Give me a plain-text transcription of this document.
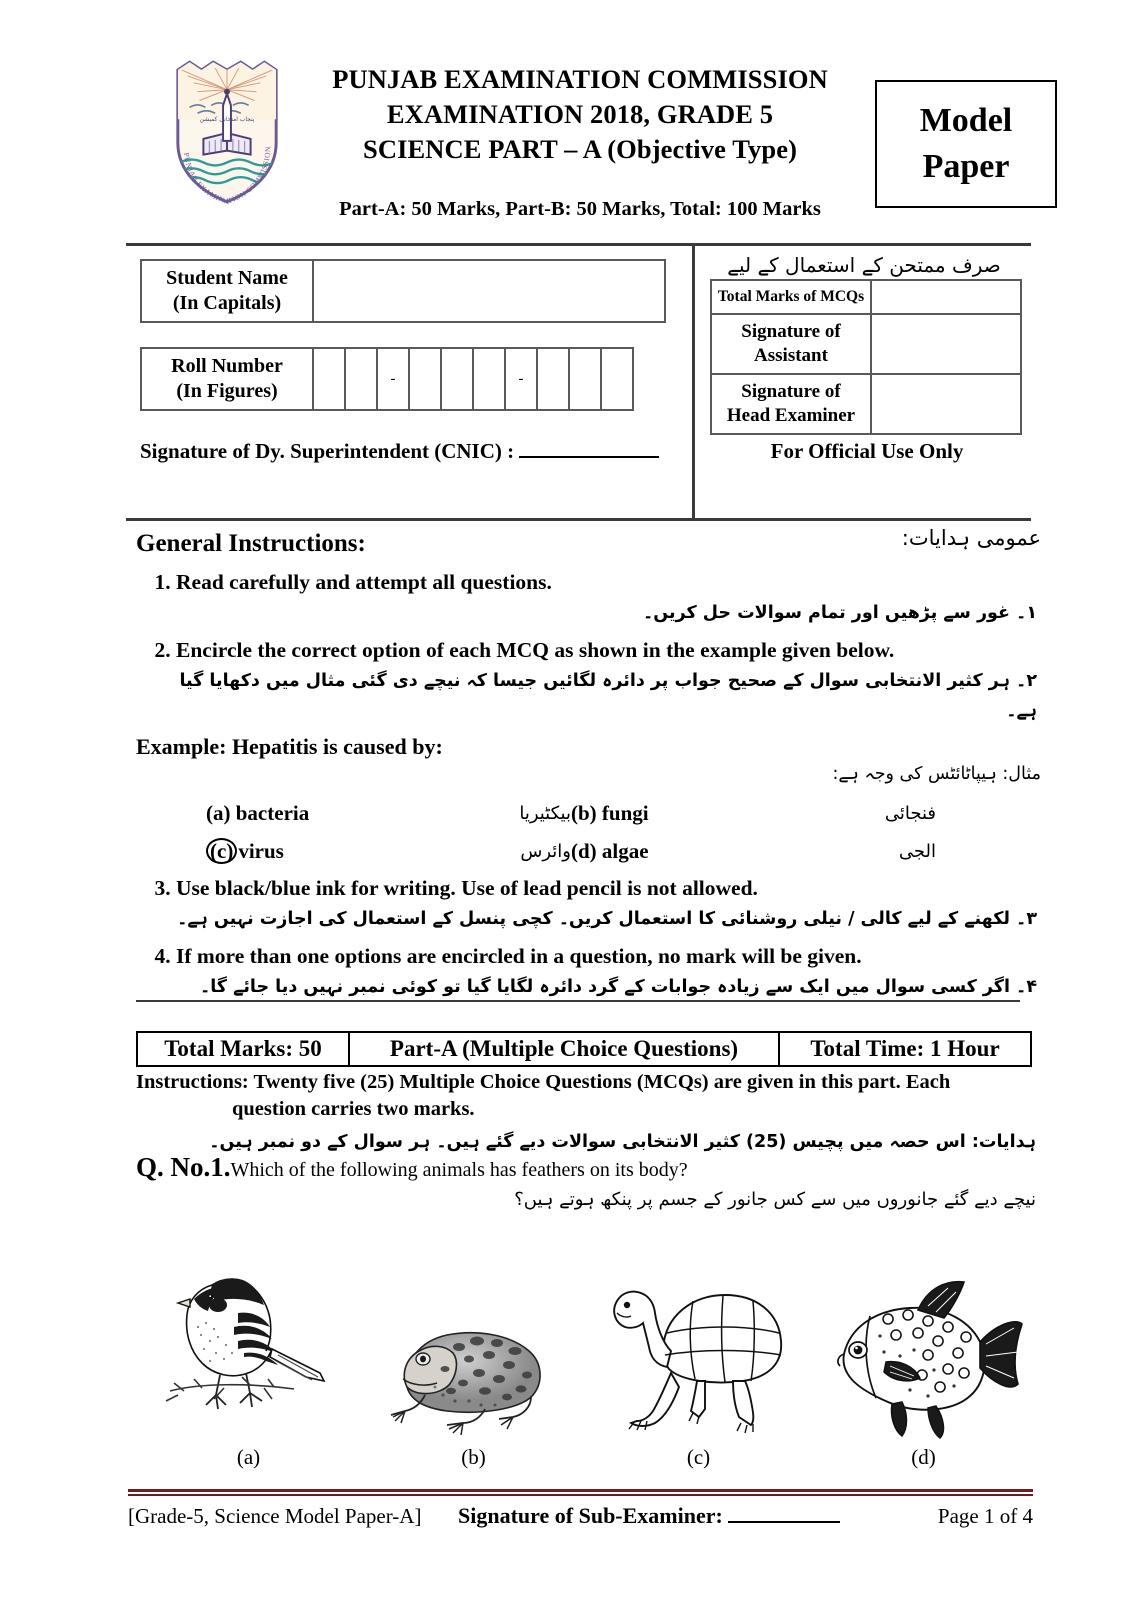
پنجاب امتحانی کمیشن
PUNJAB EXAMINATION COMMISSION
PUNJAB EXAMINATION COMMISSION
EXAMINATION 2018, GRADE 5
SCIENCE PART – A (Objective Type)
Model
Paper
Part-A: 50 Marks, Part-B: 50 Marks, Total: 100 Marks
Student Name
(In Capitals)

Roll Number
(In Figures)
			-				-			
Signature of Dy. Superintendent (CNIC) :
صرف ممتحن کے استعمال کے لیے
Total Marks of MCQs	

Signature of
Assistant	

Signature of
Head Examiner	

For Official Use Only
General Instructions:	عمومی ہدایات:
1. Read carefully and attempt all questions.
۱۔ غور سے پڑھیں اور تمام سوالات حل کریں۔
2. Encircle the correct option of each MCQ as shown in the example given below.
۲۔ ہر کثیر الانتخابی سوال کے صحیح جواب پر دائرہ لگائیں جیسا کہ نیچے دی گئی مثال میں دکھایا گیا ہے۔
Example: Hepatitis is caused by:
مثال: ہیپاٹائٹس کی وجہ ہے:
(a) bacteria	بیکٹیریا (b) fungi	فنجائی
(c) virus	وائرس (d) algae	الجی
3. Use black/blue ink for writing. Use of lead pencil is not allowed.
۳۔ لکھنے کے لیے کالی / نیلی روشنائی کا استعمال کریں۔ کچی پنسل کے استعمال کی اجازت نہیں ہے۔
4. If more than one options are encircled in a question, no mark will be given.
۴۔ اگر کسی سوال میں ایک سے زیادہ جوابات کے گرد دائرہ لگایا گیا تو کوئی نمبر نہیں دیا جائے گا۔
Total Marks: 50	Part-A (Multiple Choice Questions)	Total Time: 1 Hour
Instructions: Twenty five (25) Multiple Choice Questions (MCQs) are given in this part. Each
question carries two marks.
ہدایات: اس حصہ میں پچیس (25) کثیر الانتخابی سوالات دیے گئے ہیں۔ ہر سوال کے دو نمبر ہیں۔
Q. No.1.Which of the following animals has feathers on its body?
نیچے دیے گئے جانوروں میں سے کس جانور کے جسم پر پنکھ ہوتے ہیں؟
(a)	(b)	(c)	(d)
[Grade-5, Science Model Paper-A]	Signature of Sub-Examiner:	Page 1 of 4
